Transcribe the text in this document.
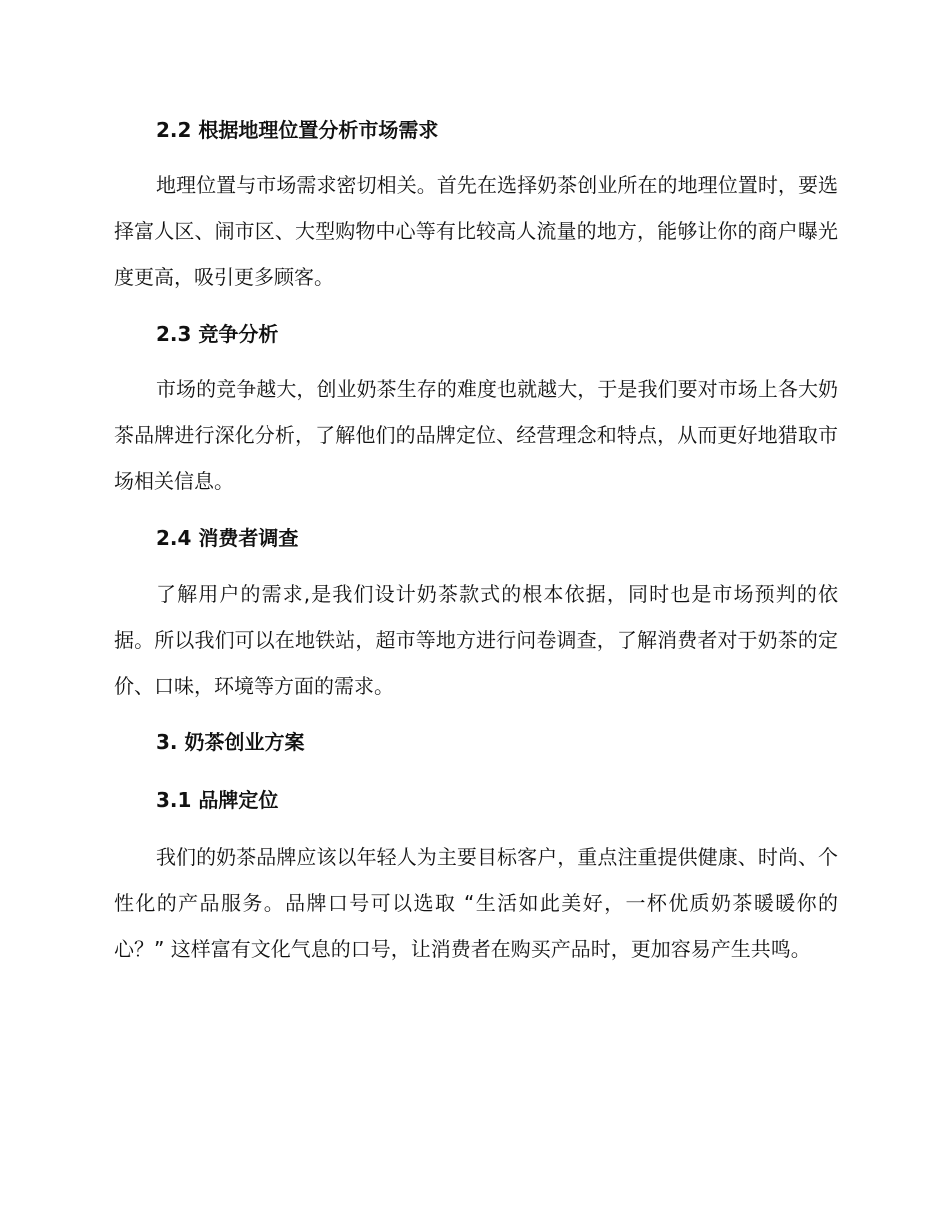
2.2 根据地理位置分析市场需求
地理位置与市场需求密切相关。首先在选择奶茶创业所在的地理位置时，要选择富人区、闹市区、大型购物中心等有比较高人流量的地方，能够让你的商户曝光度更高，吸引更多顾客。
2.3 竞争分析
市场的竞争越大，创业奶茶生存的难度也就越大，于是我们要对市场上各大奶茶品牌进行深化分析，了解他们的品牌定位、经营理念和特点，从而更好地猎取市场相关信息。
2.4 消费者调查
了解用户的需求,是我们设计奶茶款式的根本依据，同时也是市场预判的依据。所以我们可以在地铁站，超市等地方进行问卷调查，了解消费者对于奶茶的定价、口味，环境等方面的需求。
3. 奶茶创业方案
3.1 品牌定位
我们的奶茶品牌应该以年轻人为主要目标客户，重点注重提供健康、时尚、个性化的产品服务。品牌口号可以选取 “生活如此美好，一杯优质奶茶暖暖你的心？” 这样富有文化气息的口号，让消费者在购买产品时，更加容易产生共鸣。
